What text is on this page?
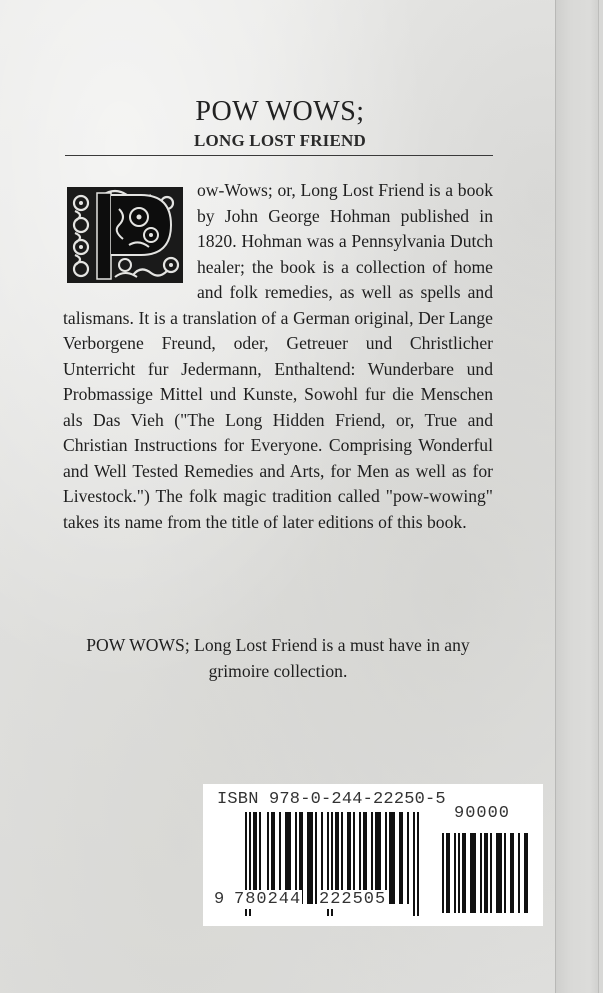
POW WOWS;
LONG LOST FRIEND
ow-Wows; or, Long Lost Friend is a book by John George Hohman published in 1820. Hohman was a Pennsylvania Dutch healer; the book is a collection of home and folk remedies, as well as spells and talismans. It is a translation of a German original, Der Lange Verborgene Freund, oder, Getreuer und Christlicher Unterricht fur Jedermann, Enthaltend: Wunderbare und Probmassige Mittel und Kunste, Sowohl fur die Menschen als Das Vieh ("The Long Hidden Friend, or, True and Christian Instructions for Everyone. Comprising Wonderful and Well Tested Remedies and Arts, for Men as well as for Livestock.") The folk magic tradition called "pow-wowing" takes its name from the title of later editions of this book.
POW WOWS; Long Lost Friend is a must have in any grimoire collection.
ISBN 978-0-244-22250-5
90000
9 780244 222505
